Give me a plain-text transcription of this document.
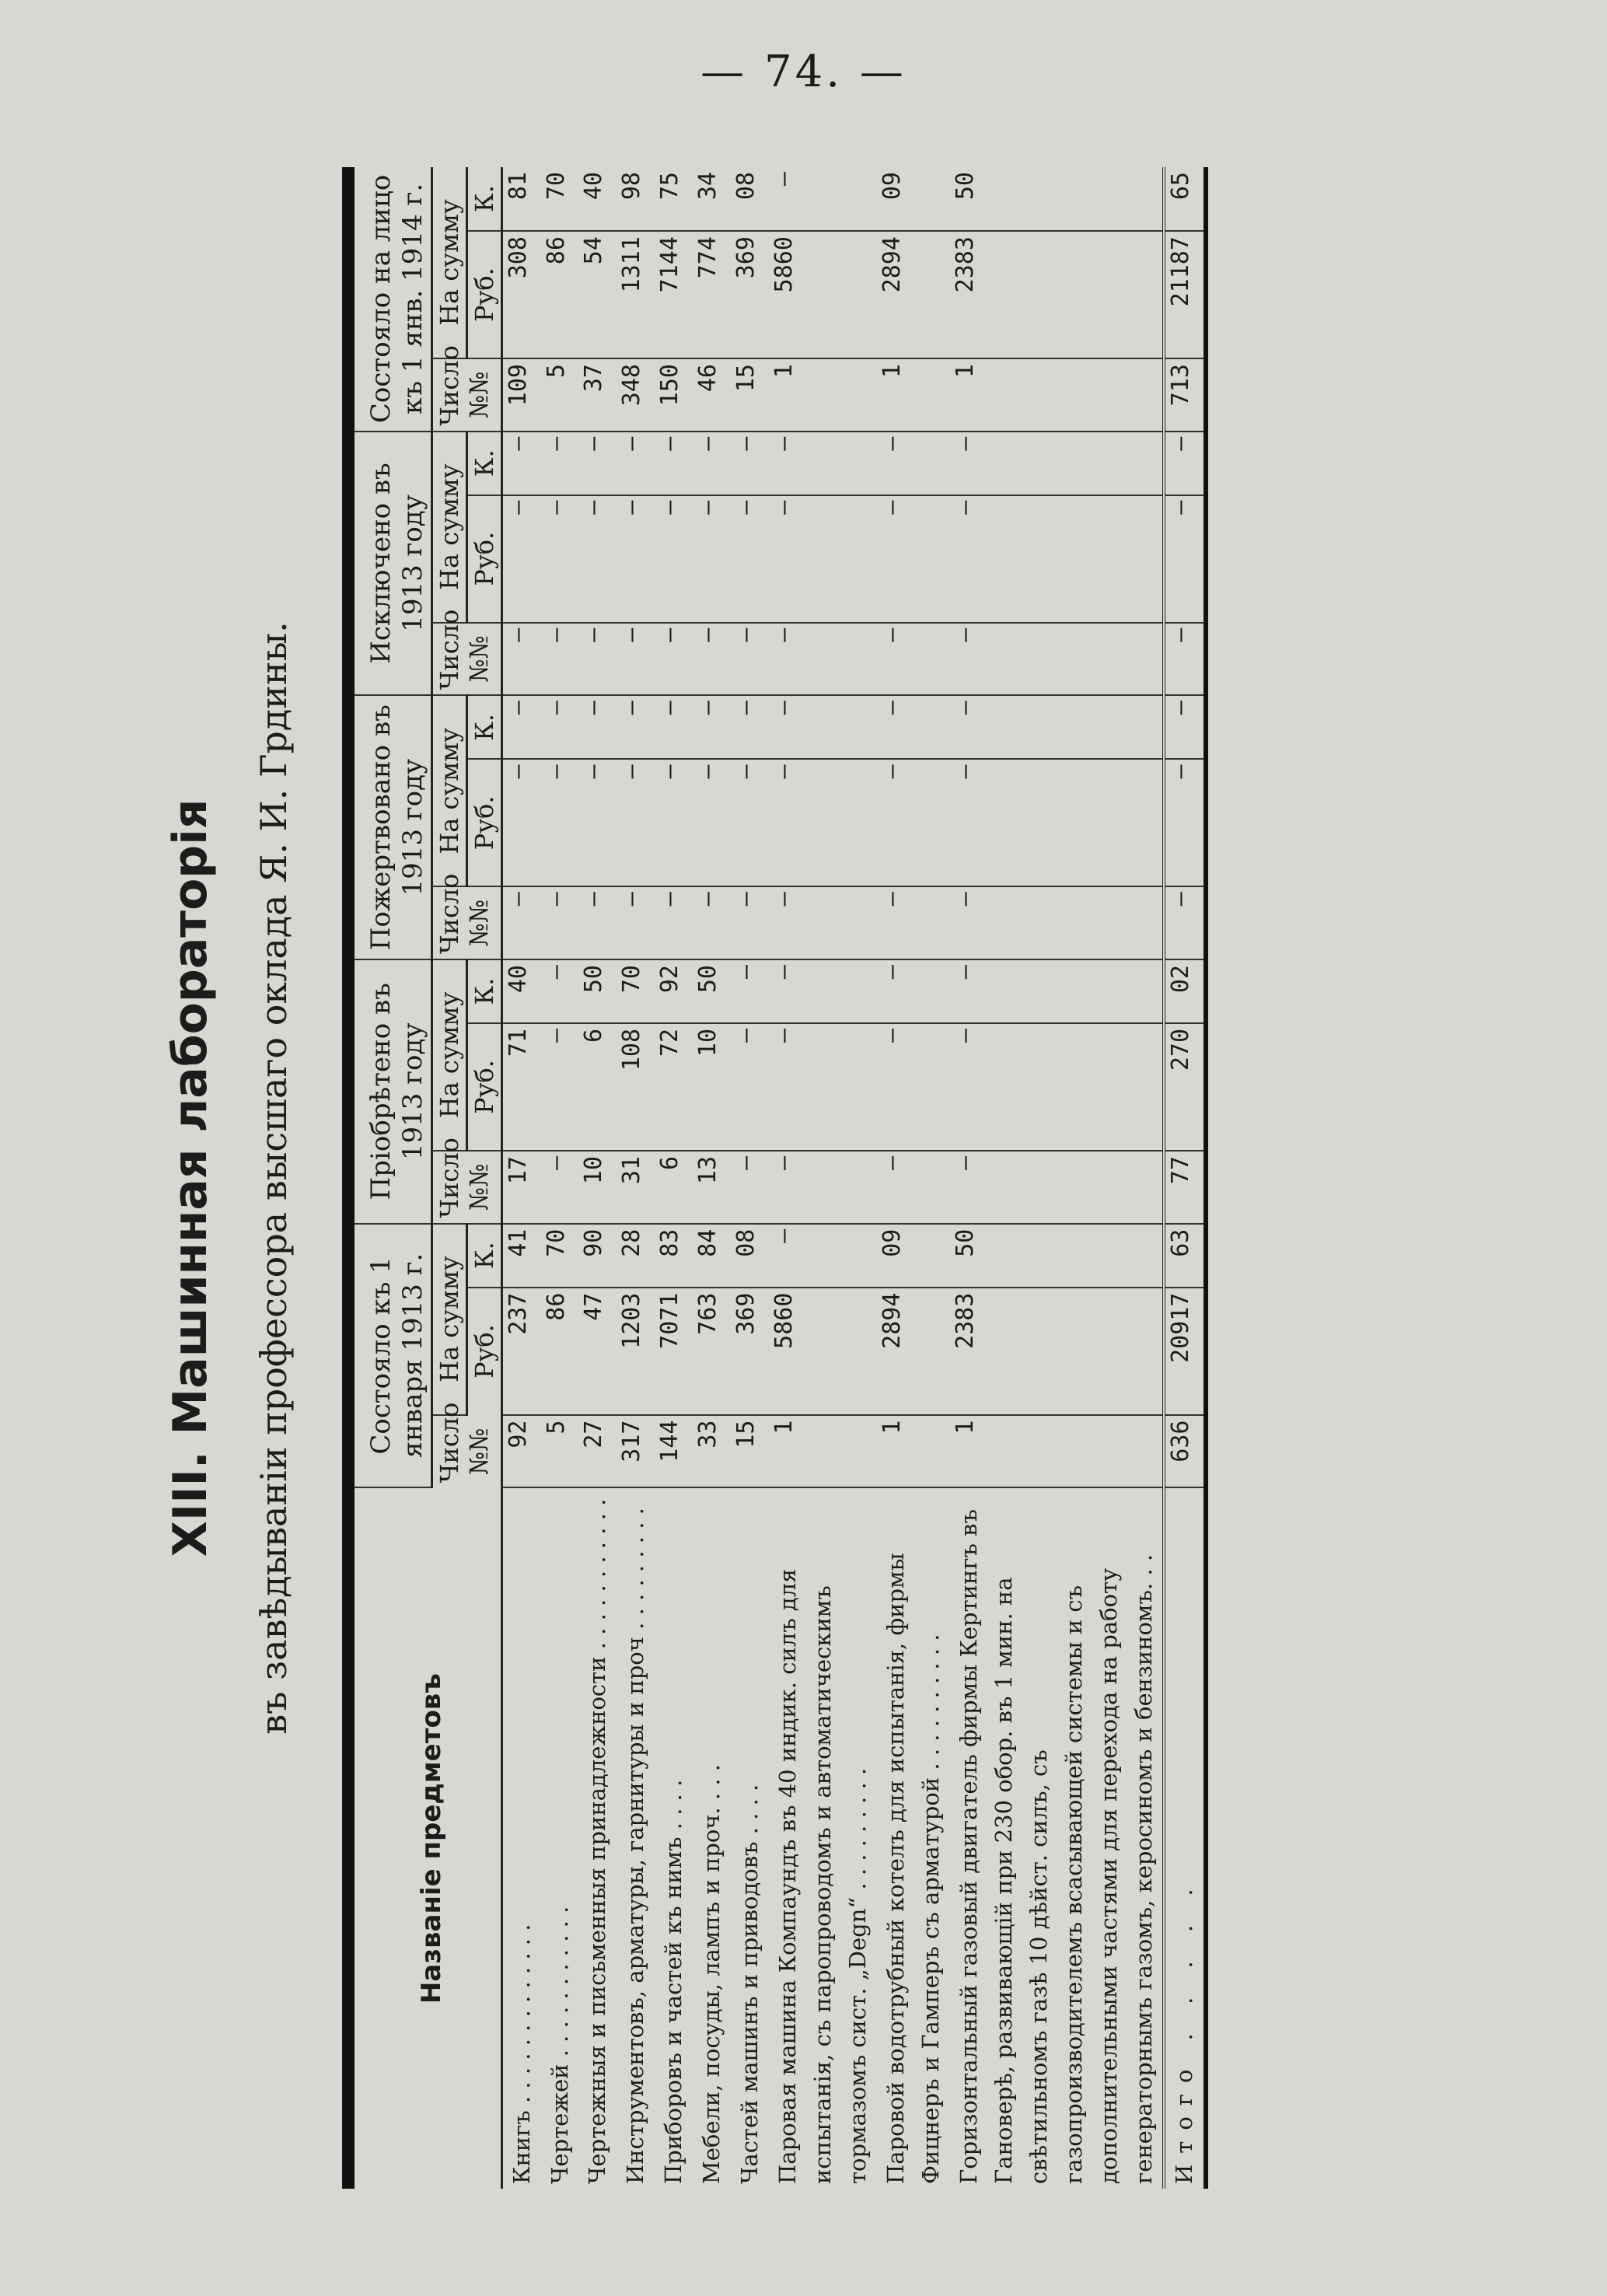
— 74. —
XIII. Машинная лабораторія въ завѣдываніи профессора высшаго оклада Я. И. Грдины.
Названіе предметовъ	Состояло къ 1 января 1913 г.			Пріобрѣтено въ 1913 году			Пожертвовано въ 1913 году			Исключено въ 1913 году			Состояло на лицо къ 1 янв. 1914 г.		
	Число №№	На сумму		Число №№	На сумму		Число №№	На сумму		Число №№	На сумму		Число №№	На сумму	
		Руб.	К.		Руб.	К.		Руб.	К.		Руб.	К.		Руб.	К.
Книгъ . . . . . . . . . . . . .	92	237	41	17	71	40	—	—	—	—	—	—	109	308	81
Чертежей . . . . . . . . . . .	5	86	70	—	—	—	—	—	—	—	—	—	5	86	70
Чертежныя и письменныя принадлежности . . . . . . . . . . .	27	47	90	10	6	50	—	—	—	—	—	—	37	54	40
Инструментовъ, арматуры, гарнитуры и проч . . . . . . . . .	317	1203	28	31	108	70	—	—	—	—	—	—	348	1311	98
Приборовъ и частей къ нимъ . . . .	144	7071	83	6	72	92	—	—	—	—	—	—	150	7144	75
Мебели, посуды, лампъ и проч. . . .	33	763	84	13	10	50	—	—	—	—	—	—	46	774	34
Частей машинъ и приводовъ . . . .	15	369	08	—	—	—	—	—	—	—	—	—	15	369	08
Паровая машина Компаундъ въ 40 индик. силъ для испытанія, съ паропроводомъ и автоматическимъ тормазомъ сист. „Degn“ . . . . . . . . .	1	5860	—	—	—	—	—	—	—	—	—	—	1	5860	—
Паровой водотрубный котелъ для испытанія, фирмы Фицнеръ и Гамперъ съ арматурой . . . . . . . . . .	1	2894	09	—	—	—	—	—	—	—	—	—	1	2894	09
Горизонтальный газовый двигатель фирмы Кертингъ въ Гановерѣ, развивающій при 230 обор. въ 1 мин. на свѣтильномъ газѣ 10 дѣйст. силъ, съ газопроизводителемъ всасывающей системы и съ дополнительными частями для перехода на работу генераторнымъ газомъ, керосиномъ и бензиномъ. . .	1	2383	50	—	—	—	—	—	—	—	—	—	1	2383	50
Итого . . . . .	636	20917	63	77	270	02	—	—	—	—	—	—	713	21187	65
